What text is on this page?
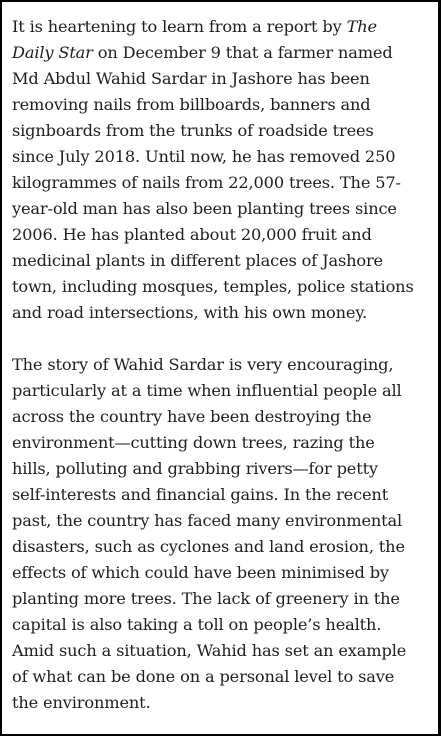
It is heartening to learn from a report by The
Daily Star on December 9 that a farmer named
Md Abdul Wahid Sardar in Jashore has been
removing nails from billboards, banners and
signboards from the trunks of roadside trees
since July 2018. Until now, he has removed 250
kilogrammes of nails from 22,000 trees. The 57-
year-old man has also been planting trees since
2006. He has planted about 20,000 fruit and
medicinal plants in different places of Jashore
town, including mosques, temples, police stations
and road intersections, with his own money.

The story of Wahid Sardar is very encouraging,
particularly at a time when influential people all
across the country have been destroying the
environment—cutting down trees, razing the
hills, polluting and grabbing rivers—for petty
self-interests and financial gains. In the recent
past, the country has faced many environmental
disasters, such as cyclones and land erosion, the
effects of which could have been minimised by
planting more trees. The lack of greenery in the
capital is also taking a toll on people’s health.
Amid such a situation, Wahid has set an example
of what can be done on a personal level to save
the environment.
